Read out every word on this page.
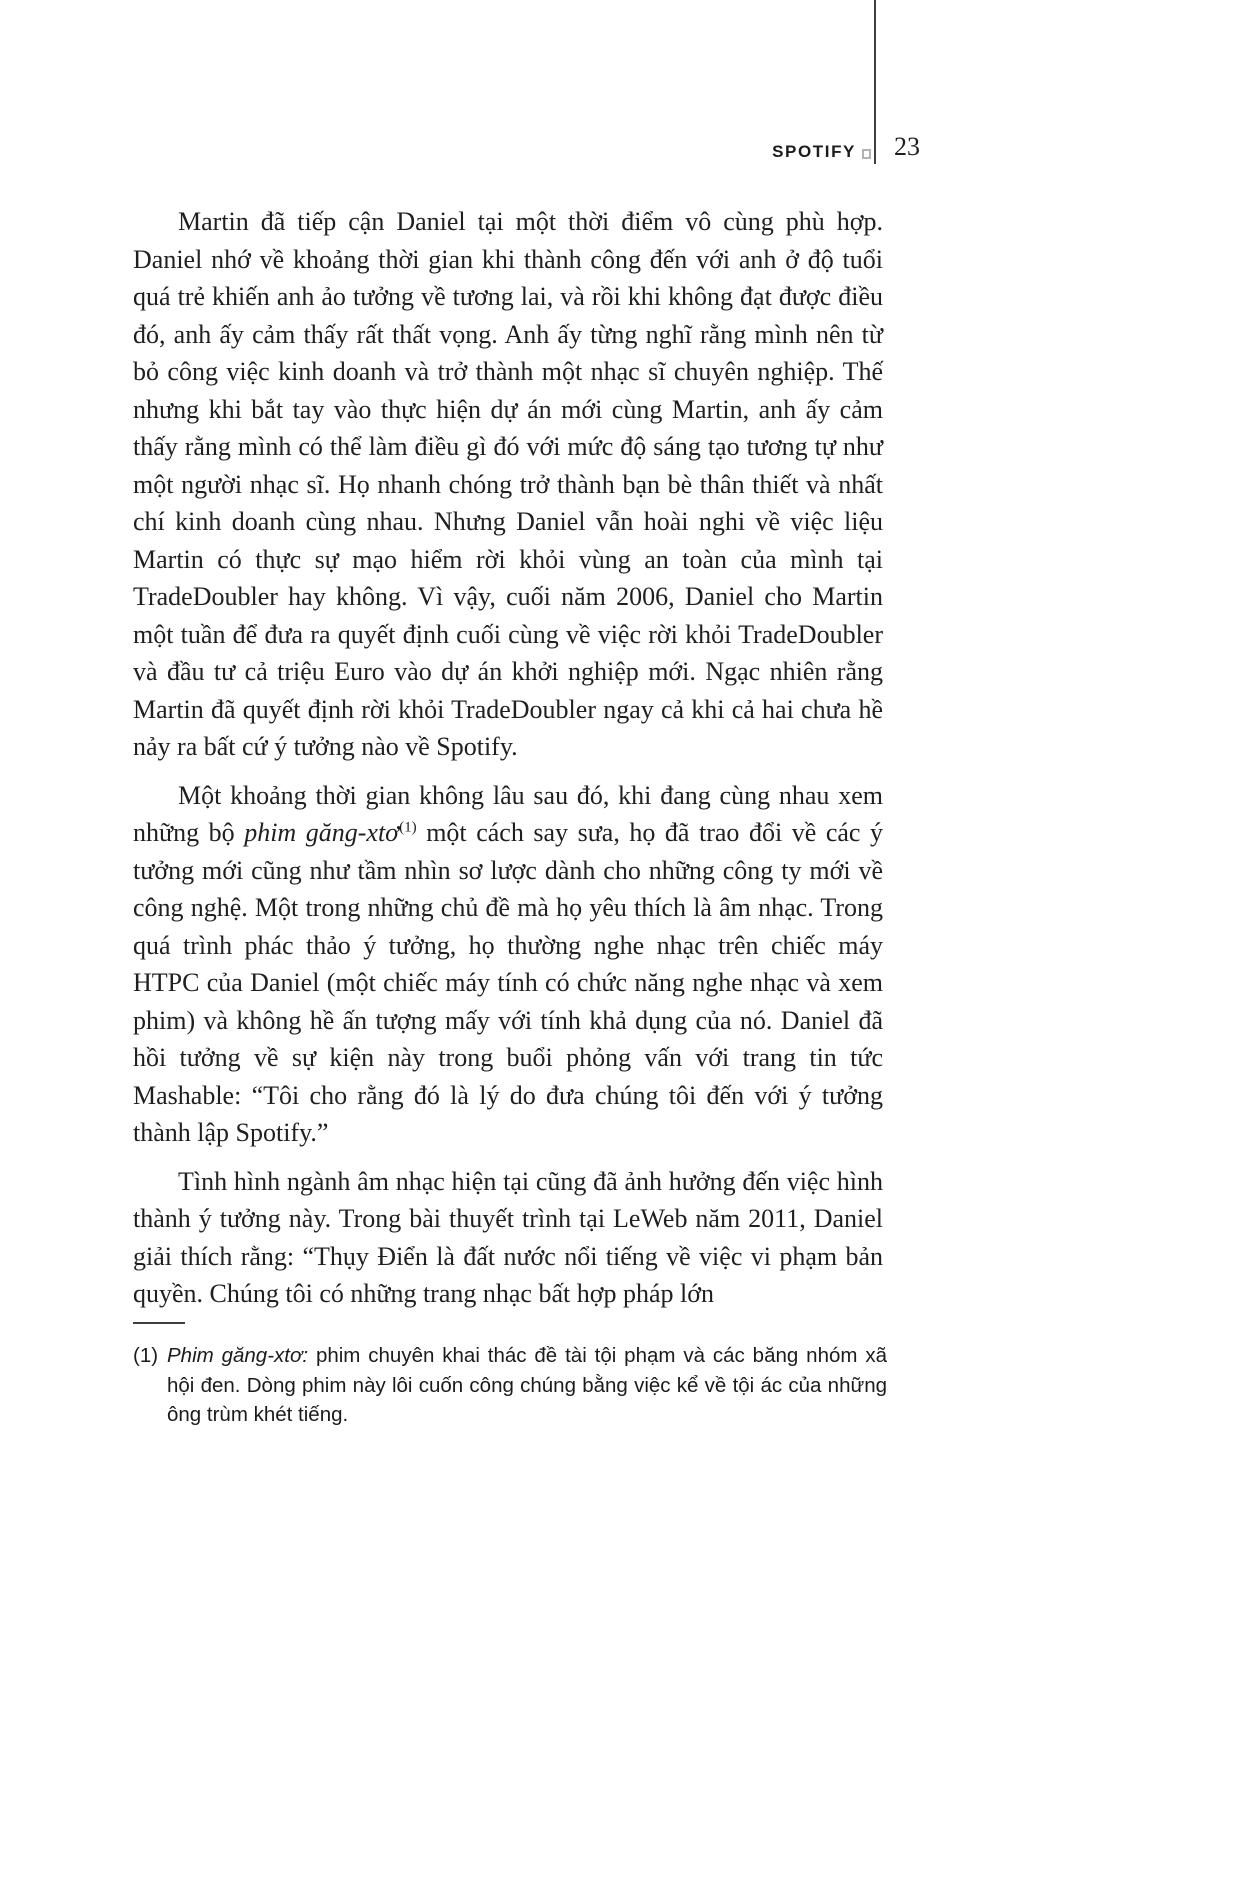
SPOTIFY 23

Martin đã tiếp cận Daniel tại một thời điểm vô cùng phù hợp. Daniel nhớ về khoảng thời gian khi thành công đến với anh ở độ tuổi quá trẻ khiến anh ảo tưởng về tương lai, và rồi khi không đạt được điều đó, anh ấy cảm thấy rất thất vọng. Anh ấy từng nghĩ rằng mình nên từ bỏ công việc kinh doanh và trở thành một nhạc sĩ chuyên nghiệp. Thế nhưng khi bắt tay vào thực hiện dự án mới cùng Martin, anh ấy cảm thấy rằng mình có thể làm điều gì đó với mức độ sáng tạo tương tự như một người nhạc sĩ. Họ nhanh chóng trở thành bạn bè thân thiết và nhất chí kinh doanh cùng nhau. Nhưng Daniel vẫn hoài nghi về việc liệu Martin có thực sự mạo hiểm rời khỏi vùng an toàn của mình tại TradeDoubler hay không. Vì vậy, cuối năm 2006, Daniel cho Martin một tuần để đưa ra quyết định cuối cùng về việc rời khỏi TradeDoubler và đầu tư cả triệu Euro vào dự án khởi nghiệp mới. Ngạc nhiên rằng Martin đã quyết định rời khỏi TradeDoubler ngay cả khi cả hai chưa hề nảy ra bất cứ ý tưởng nào về Spotify.

Một khoảng thời gian không lâu sau đó, khi đang cùng nhau xem những bộ phim găng-xtơ$^{(1)}$ một cách say sưa, họ đã trao đổi về các ý tưởng mới cũng như tầm nhìn sơ lược dành cho những công ty mới về công nghệ. Một trong những chủ đề mà họ yêu thích là âm nhạc. Trong quá trình phác thảo ý tưởng, họ thường nghe nhạc trên chiếc máy HTPC của Daniel (một chiếc máy tính có chức năng nghe nhạc và xem phim) và không hề ấn tượng mấy với tính khả dụng của nó. Daniel đã hồi tưởng về sự kiện này trong buổi phỏng vấn với trang tin tức Mashable: “Tôi cho rằng đó là lý do đưa chúng tôi đến với ý tưởng thành lập Spotify.”

Tình hình ngành âm nhạc hiện tại cũng đã ảnh hưởng đến việc hình thành ý tưởng này. Trong bài thuyết trình tại LeWeb năm 2011, Daniel giải thích rằng: “Thụy Điển là đất nước nổi tiếng về việc vi phạm bản quyền. Chúng tôi có những trang nhạc bất hợp pháp lớn

(1) Phim găng-xtơ: phim chuyên khai thác đề tài tội phạm và các băng nhóm xã hội đen. Dòng phim này lôi cuốn công chúng bằng việc kể về tội ác của những ông trùm khét tiếng.
